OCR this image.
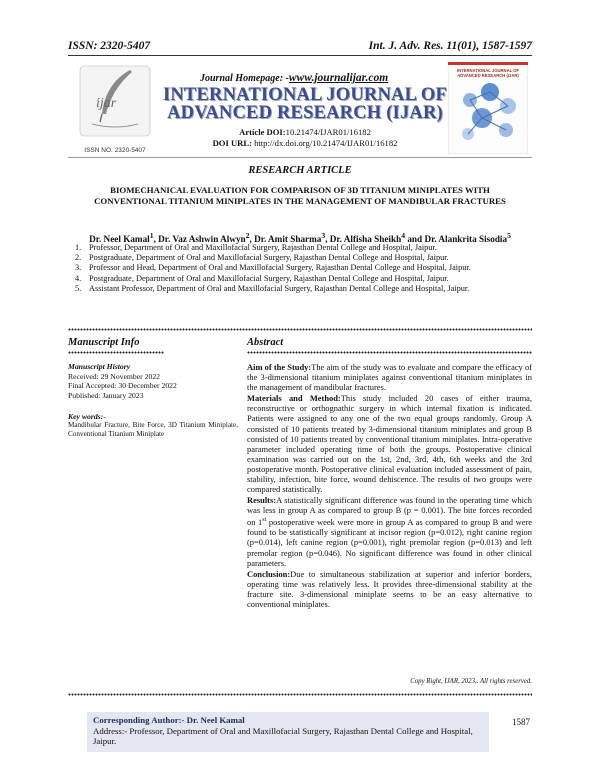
ISSN: 2320-5407	Int. J. Adv. Res. 11(01), 1587-1597
ijar
ISSN NO. 2320-5407
INTERNATIONAL JOURNAL OF
ADVANCED RESEARCH (IJAR)
Journal Homepage: -www.journalijar.com
INTERNATIONAL JOURNAL OF
ADVANCED RESEARCH (IJAR)
Article DOI:10.21474/IJAR01/16182
DOI URL: http://dx.doi.org/10.21474/IJAR01/16182
RESEARCH ARTICLE
BIOMECHANICAL EVALUATION FOR COMPARISON OF 3D TITANIUM MINIPLATES WITH CONVENTIONAL TITANIUM MINIPLATES IN THE MANAGEMENT OF MANDIBULAR FRACTURES
Dr. Neel Kamal$^1$, Dr. Vaz Ashwin Alwyn$^2$, Dr. Amit Sharma$^3$, Dr. Alfisha Sheikh$^4$ and Dr. Alankrita Sisodia$^5$
1. Professor, Department of Oral and Maxillofacial Surgery, Rajasthan Dental College and Hospital, Jaipur.
2. Postgraduate, Department of Oral and Maxillofacial Surgery, Rajasthan Dental College and Hospital, Jaipur.
3. Professor and Head, Department of Oral and Maxillofacial Surgery, Rajasthan Dental College and Hospital, Jaipur.
4. Postgraduate, Department of Oral and Maxillofacial Surgery, Rajasthan Dental College and Hospital, Jaipur.
5. Assistant Professor, Department of Oral and Maxillofacial Surgery, Rajasthan Dental College and Hospital, Jaipur.
Manuscript Info
Manuscript History
Received: 29 November 2022
Final Accepted: 30 December 2022
Published: January 2023
Key words:-
Mandibular Fracture, Bite Force, 3D Titanium Miniplate, Conventional Titanium Miniplate
Abstract

Aim of the Study:The aim of the study was to evaluate and compare the efficacy of the 3-dimensional titanium miniplates against conventional titanium miniplates in the management of mandibular fractures.

Materials and Method:This study included 20 cases of either trauma, reconstructive or orthognathic surgery in which internal fixation is indicated. Patients were assigned to any one of the two equal groups randomly. Group A consisted of 10 patients treated by 3-dimensional titanium miniplates and group B consisted of 10 patients treated by conventional titanium miniplates. Intra-operative parameter included operating time of both the groups. Postoperative clinical examination was carried out on the 1st, 2nd, 3rd, 4th, 6th weeks and the 3rd postoperative month. Postoperative clinical evaluation included assessment of pain, stability, infection, bite force, wound dehiscence. The results of two groups were compared statistically.

Results:A statistically significant difference was found in the operating time which was less in group A as compared to group B (p = 0.001). The bite forces recorded on 1st postoperative week were more in group A as compared to group B and were found to be statistically significant at incisor region (p=0.012), right canine region (p=0.014), left canine region (p=0.001), right premolar region (p=0.013) and left premolar region (p=0.046). No significant difference was found in other clinical parameters.

Conclusion:Due to simultaneous stabilization at superior and inferior borders, operating time was relatively less. It provides three-dimensional stability at the fracture site. 3-dimensional miniplate seems to be an easy alternative to conventional miniplates.

Copy Right, IJAR, 2023,. All rights reserved.
Corresponding Author:- Dr. Neel Kamal
Address:- Professor, Department of Oral and Maxillofacial Surgery, Rajasthan Dental College and Hospital, Jaipur.
1587
